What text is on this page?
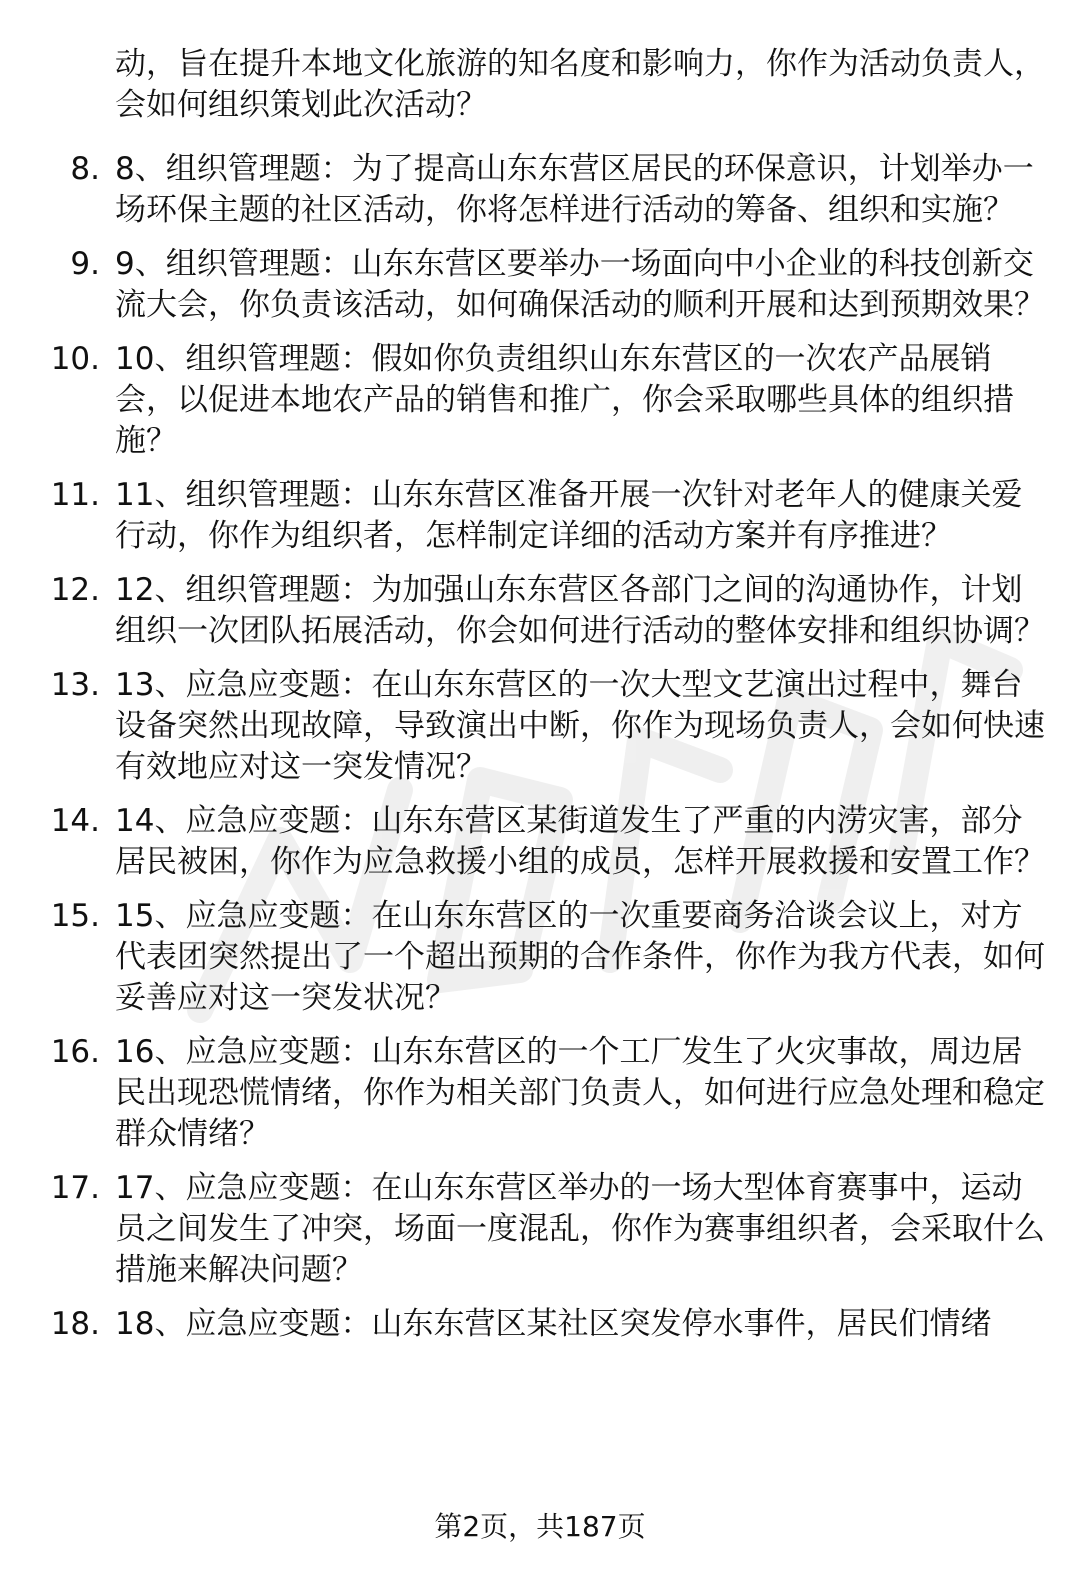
动，旨在提升本地文化旅游的知名度和影响力，你作为活动负责人，会如何组织策划此次活动？

8. 8、组织管理题：为了提高山东东营区居民的环保意识，计划举办一场环保主题的社区活动，你将怎样进行活动的筹备、组织和实施？
9. 9、组织管理题：山东东营区要举办一场面向中小企业的科技创新交流大会，你负责该活动，如何确保活动的顺利开展和达到预期效果？
10. 10、组织管理题：假如你负责组织山东东营区的一次农产品展销会，以促进本地农产品的销售和推广，你会采取哪些具体的组织措施？
11. 11、组织管理题：山东东营区准备开展一次针对老年人的健康关爱行动，你作为组织者，怎样制定详细的活动方案并有序推进？
12. 12、组织管理题：为加强山东东营区各部门之间的沟通协作，计划组织一次团队拓展活动，你会如何进行活动的整体安排和组织协调？
13. 13、应急应变题：在山东东营区的一次大型文艺演出过程中，舞台设备突然出现故障，导致演出中断，你作为现场负责人，会如何快速有效地应对这一突发情况？
14. 14、应急应变题：山东东营区某街道发生了严重的内涝灾害，部分居民被困，你作为应急救援小组的成员，怎样开展救援和安置工作？
15. 15、应急应变题：在山东东营区的一次重要商务洽谈会议上，对方代表团突然提出了一个超出预期的合作条件，你作为我方代表，如何妥善应对这一突发状况？
16. 16、应急应变题：山东东营区的一个工厂发生了火灾事故，周边居民出现恐慌情绪，你作为相关部门负责人，如何进行应急处理和稳定群众情绪？
17. 17、应急应变题：在山东东营区举办的一场大型体育赛事中，运动员之间发生了冲突，场面一度混乱，你作为赛事组织者，会采取什么措施来解决问题？
18. 18、应急应变题：山东东营区某社区突发停水事件，居民们情绪
第2页，共187页
